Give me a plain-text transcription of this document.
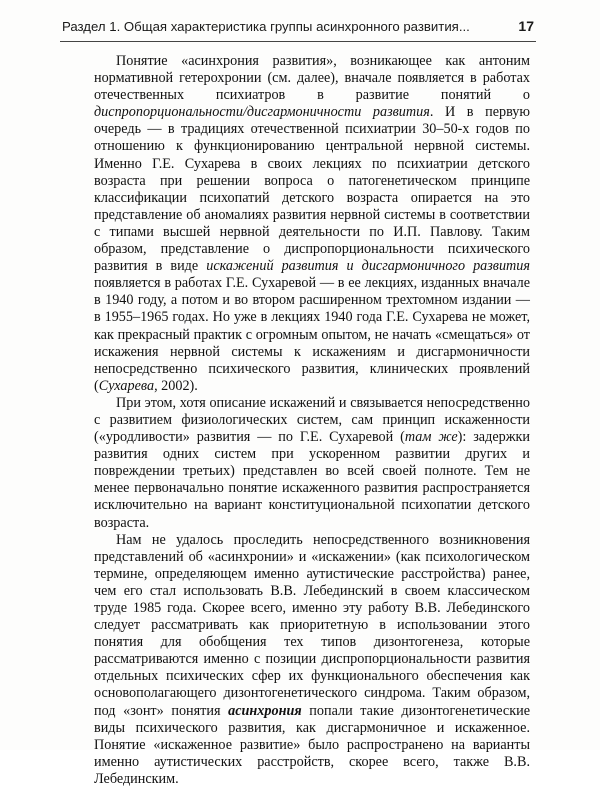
Раздел 1. Общая характеристика группы асинхронного развития...	17

Понятие «асинхрония развития», возникающее как антоним нормативной гетерохронии (см. далее), вначале появляется в работах отечественных психиатров в развитие понятий о диспропорциональности/дисгармоничности развития. И в первую очередь — в традициях отечественной психиатрии 30–50-х годов по отношению к функционированию центральной нервной системы. Именно Г.Е. Сухарева в своих лекциях по психиатрии детского возраста при решении вопроса о патогенетическом принципе классификации психопатий детского возраста опирается на это представление об аномалиях развития нервной системы в соответствии с типами высшей нервной деятельности по И.П. Павлову. Таким образом, представление о диспропорциональности психического развития в виде искажений развития и дисгармоничного развития появляется в работах Г.Е. Сухаревой — в ее лекциях, изданных вначале в 1940 году, а потом и во втором расширенном трехтомном издании — в 1955–1965 годах. Но уже в лекциях 1940 года Г.Е. Сухарева не может, как прекрасный практик с огромным опытом, не начать «смещаться» от искажения нервной системы к искажениям и дисгармоничности непосредственно психического развития, клинических проявлений (Сухарева, 2002).

При этом, хотя описание искажений и связывается непосредственно с развитием физиологических систем, сам принцип искаженности («уродливости» развития — по Г.Е. Сухаревой (там же): задержки развития одних систем при ускоренном развитии других и повреждении третьих) представлен во всей своей полноте. Тем не менее первоначально понятие искаженного развития распространяется исключительно на вариант конституциональной психопатии детского возраста.

Нам не удалось проследить непосредственного возникновения представлений об «асинхронии» и «искажении» (как психологическом термине, определяющем именно аутистические расстройства) ранее, чем его стал использовать В.В. Лебединский в своем классическом труде 1985 года. Скорее всего, именно эту работу В.В. Лебединского следует рассматривать как приоритетную в использовании этого понятия для обобщения тех типов дизонтогенеза, которые рассматриваются именно с позиции диспропорциональности развития отдельных психических сфер их функционального обеспечения как основополагающего дизонтогенетического синдрома. Таким образом, под «зонт» понятия асинхрония попали такие дизонтогенетические виды психического развития, как дисгармоничное и искаженное. Понятие «искаженное развитие» было распространено на варианты именно аутистических расстройств, скорее всего, также В.В. Лебединским.
